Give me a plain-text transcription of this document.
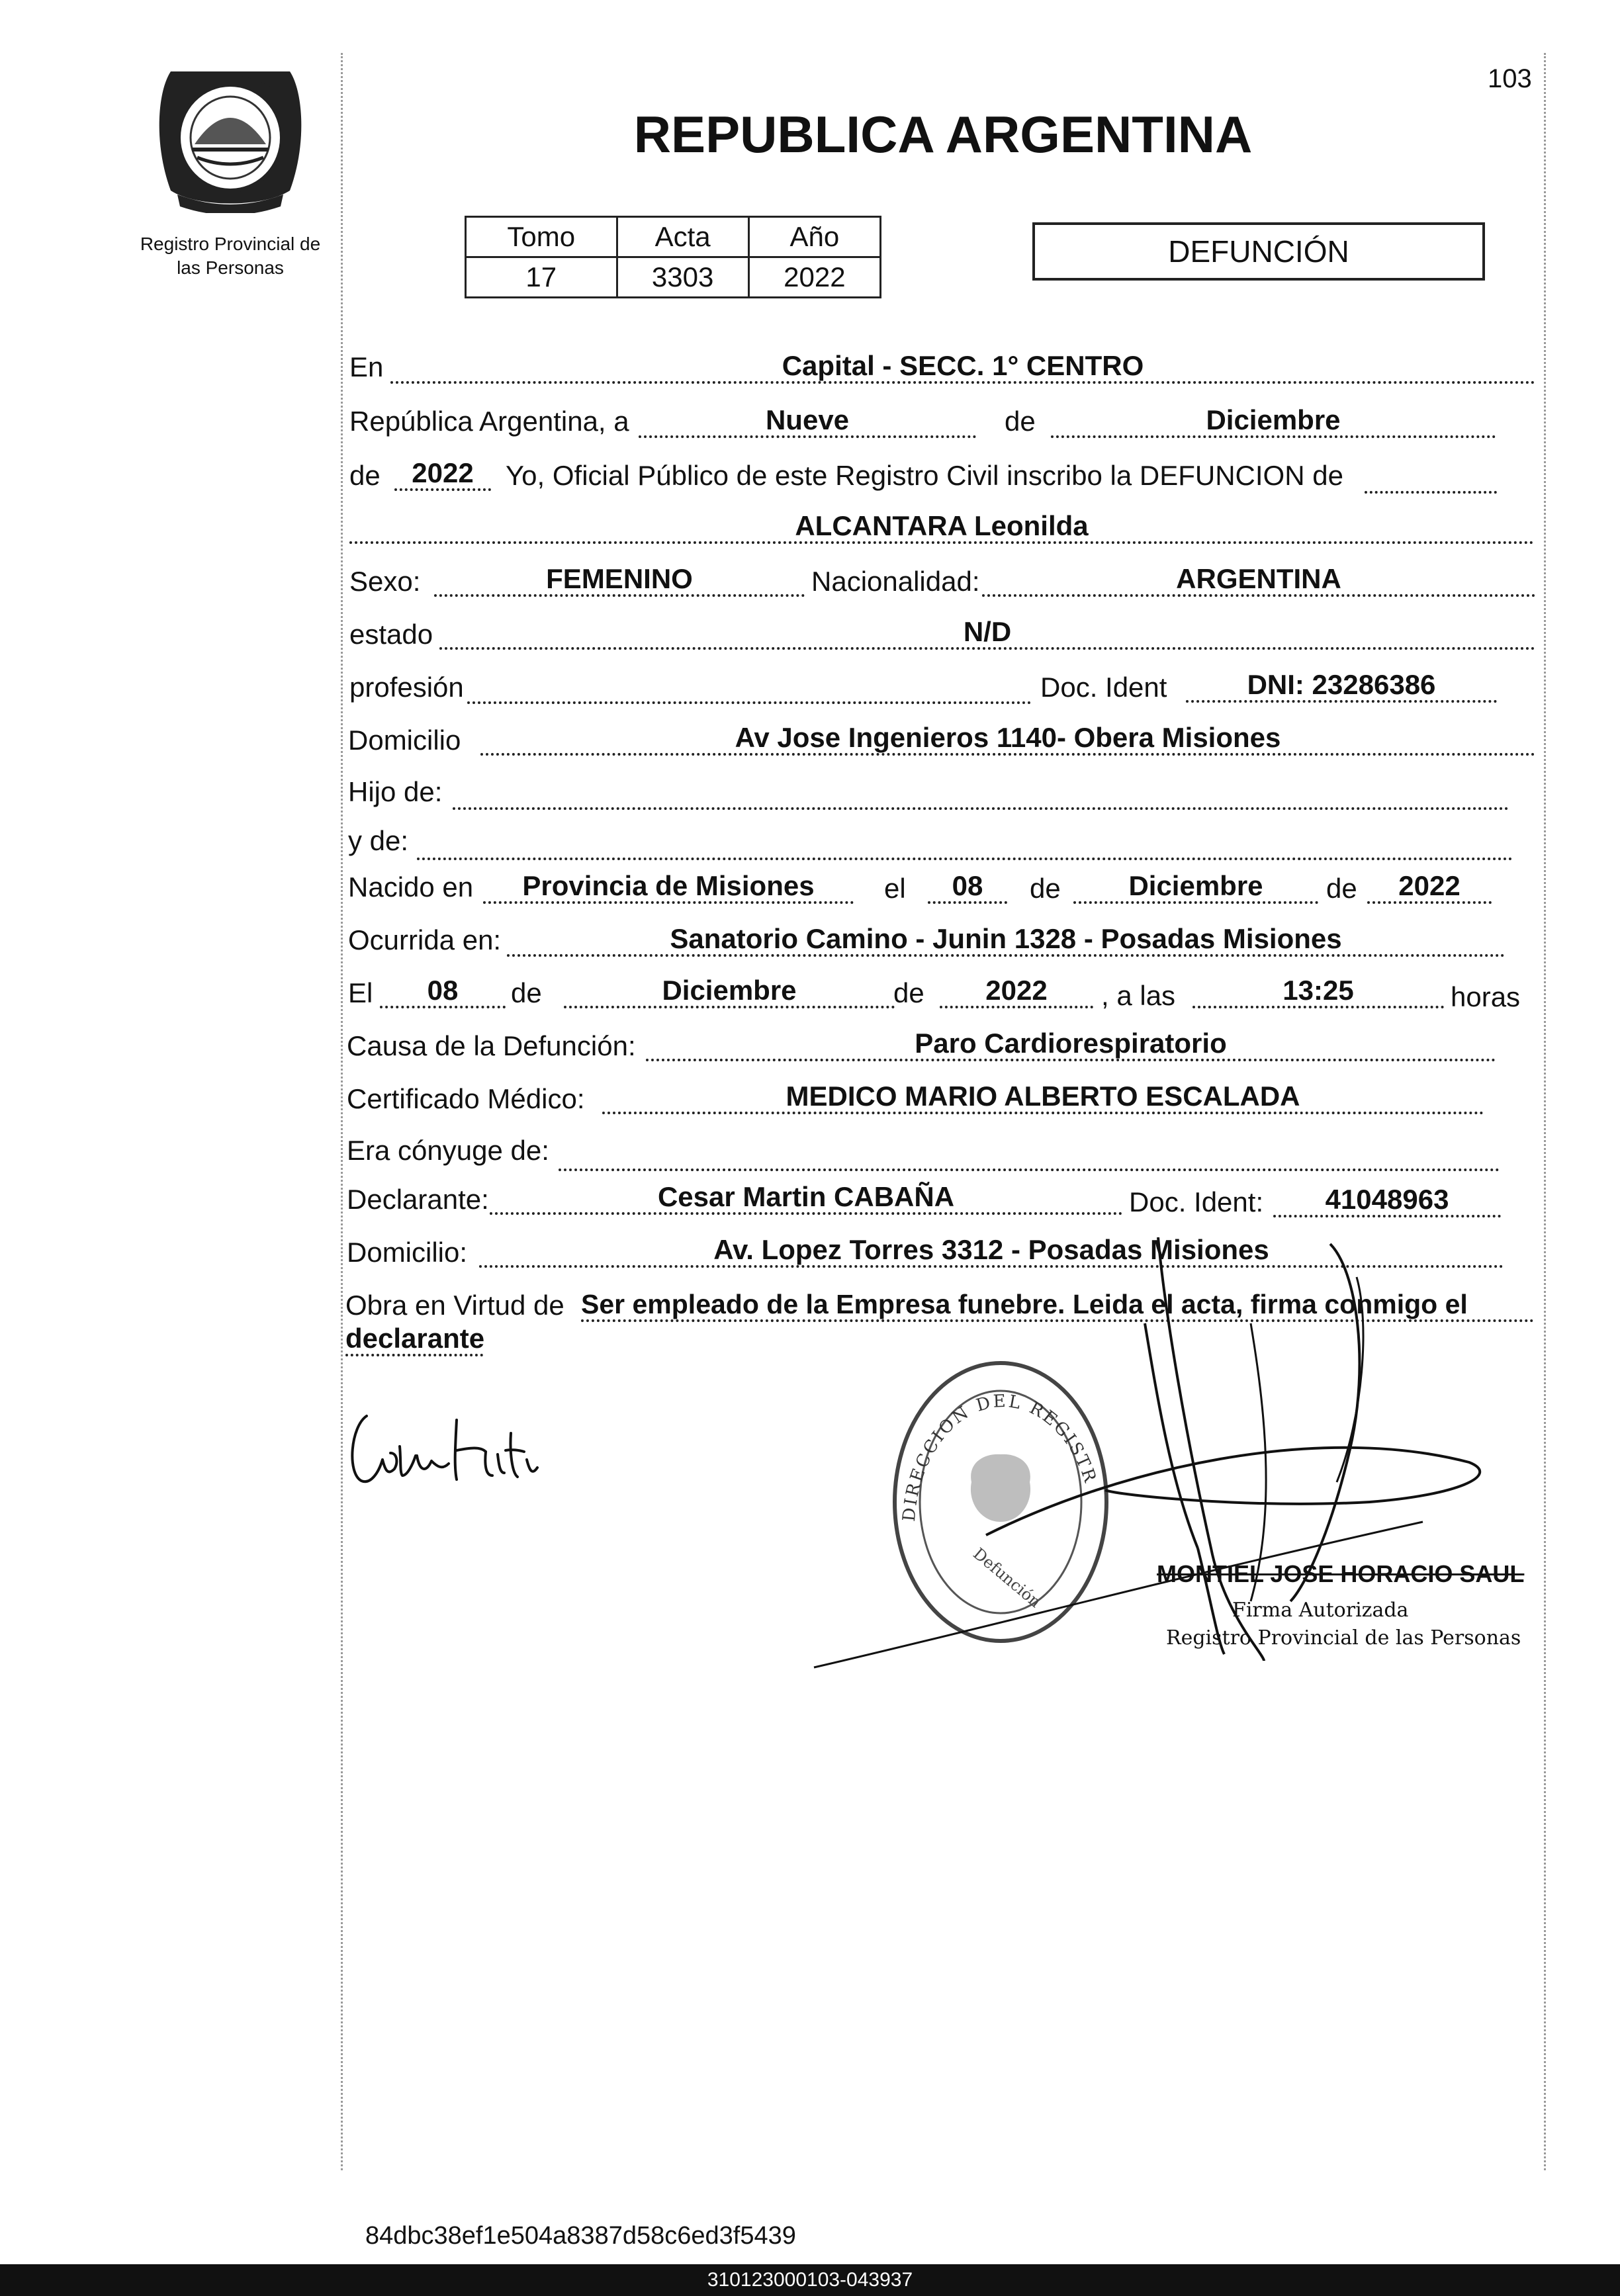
103
Registro Provincial de
las Personas
REPUBLICA ARGENTINA
Tomo	Acta	Año
17	3303	2022
DEFUNCIÓN
En	Capital - SECC. 1° CENTRO
República Argentina, a	Nueve	de	Diciembre
de	2022	Yo, Oficial Público de este Registro Civil inscribo la DEFUNCION de
ALCANTARA Leonilda
Sexo:	FEMENINO	Nacionalidad:	ARGENTINA
estado	N/D
profesión	Doc. Ident	DNI: 23286386
Domicilio	Av Jose Ingenieros 1140- Obera Misiones
Hijo de:
y de:
Nacido en	Provincia de Misiones	el	08	de	Diciembre	de	2022
Ocurrida en:	Sanatorio Camino - Junin 1328 - Posadas Misiones
El	08	de	Diciembre	de	2022	, a las	13:25	horas
Causa de la Defunción:	Paro Cardiorespiratorio
Certificado Médico:	MEDICO MARIO ALBERTO ESCALADA
Era cónyuge de:
Declarante:	Cesar Martin CABAÑA	Doc. Ident:	41048963
Domicilio:	Av. Lopez Torres 3312 - Posadas Misiones
Obra en Virtud de Ser empleado de la Empresa funebre. Leida el acta, firma conmigo el
declarante
DIRECCION DEL REGISTR
Defunción	MONTIEL JOSE HORACIO SAUL
Firma Autorizada
Registro Provincial de las Personas
84dbc38ef1e504a8387d58c6ed3f5439
310123000103-043937
